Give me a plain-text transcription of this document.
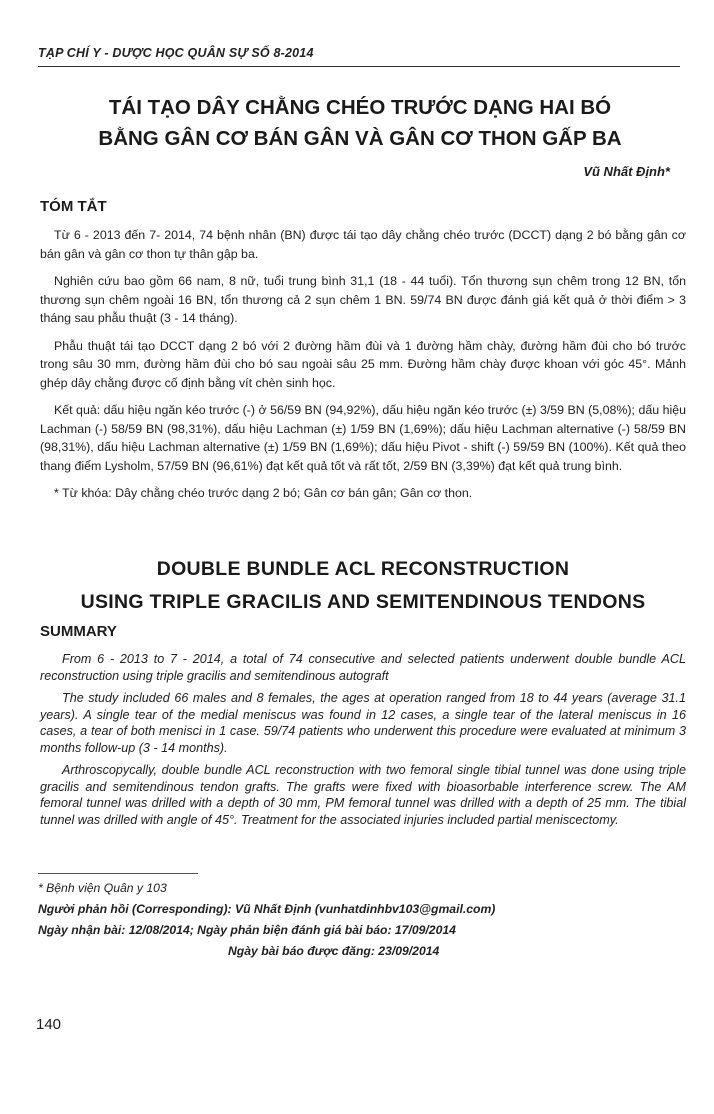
TẠP CHÍ Y - DƯỢC HỌC QUÂN SỰ SỐ 8-2014
TÁI TẠO DÂY CHẰNG CHÉO TRƯỚC DẠNG HAI BÓ
BẰNG GÂN CƠ BÁN GÂN VÀ GÂN CƠ THON GẤP BA
Vũ Nhất Định*
TÓM TẮT

Từ 6 - 2013 đến 7- 2014, 74 bệnh nhân (BN) được tái tạo dây chằng chéo trước (DCCT) dạng 2 bó bằng gân cơ bán gân và gân cơ thon tự thân gập ba.

Nghiên cứu bao gồm 66 nam, 8 nữ, tuổi trung bình 31,1 (18 - 44 tuổi). Tổn thương sụn chêm trong 12 BN, tổn thương sụn chêm ngoài 16 BN, tổn thương cả 2 sụn chêm 1 BN. 59/74 BN được đánh giá kết quả ở thời điểm > 3 tháng sau phẫu thuật (3 - 14 tháng).

Phẫu thuật tái tạo DCCT dạng 2 bó với 2 đường hầm đùi và 1 đường hầm chày, đường hầm đùi cho bó trước trong sâu 30 mm, đường hầm đùi cho bó sau ngoài sâu 25 mm. Đường hầm chày được khoan với góc 45°. Mảnh ghép dây chằng được cố định bằng vít chèn sinh học.

Kết quả: dấu hiệu ngăn kéo trước (-) ở 56/59 BN (94,92%), dấu hiệu ngăn kéo trước (±) 3/59 BN (5,08%); dấu hiệu Lachman (-) 58/59 BN (98,31%), dấu hiệu Lachman (±) 1/59 BN (1,69%); dấu hiệu Lachman alternative (-) 58/59 BN (98,31%), dấu hiệu Lachman alternative (±) 1/59 BN (1,69%); dấu hiệu Pivot - shift (-) 59/59 BN (100%). Kết quả theo thang điểm Lysholm, 57/59 BN (96,61%) đạt kết quả tốt và rất tốt, 2/59 BN (3,39%) đạt kết quả trung bình.

* Từ khóa: Dây chằng chéo trước dạng 2 bó; Gân cơ bán gân; Gân cơ thon.

DOUBLE BUNDLE ACL RECONSTRUCTION
USING TRIPLE GRACILIS AND SEMITENDINOUS TENDONS
SUMMARY

From 6 - 2013 to 7 - 2014, a total of 74 consecutive and selected patients underwent double bundle ACL reconstruction using triple gracilis and semitendinous autograft

The study included 66 males and 8 females, the ages at operation ranged from 18 to 44 years (average 31.1 years). A single tear of the medial meniscus was found in 12 cases, a single tear of the lateral meniscus in 16 cases, a tear of both menisci in 1 case. 59/74 patients who underwent this procedure were evaluated at minimum 3 months follow-up (3 - 14 months).

Arthroscopycally, double bundle ACL reconstruction with two femoral single tibial tunnel was done using triple gracilis and semitendinous tendon grafts. The grafts were fixed with bioasorbable interference screw. The AM femoral tunnel was drilled with a depth of 30 mm, PM femoral tunnel was drilled with a depth of 25 mm. The tibial tunnel was drilled with angle of 45°. Treatment for the associated injuries included partial meniscectomy.

* Bệnh viện Quân y 103
Người phản hồi (Corresponding): Vũ Nhất Định (vunhatdinhbv103@gmail.com)
Ngày nhận bài: 12/08/2014; Ngày phản biện đánh giá bài báo: 17/09/2014
Ngày bài báo được đăng: 23/09/2014
140
